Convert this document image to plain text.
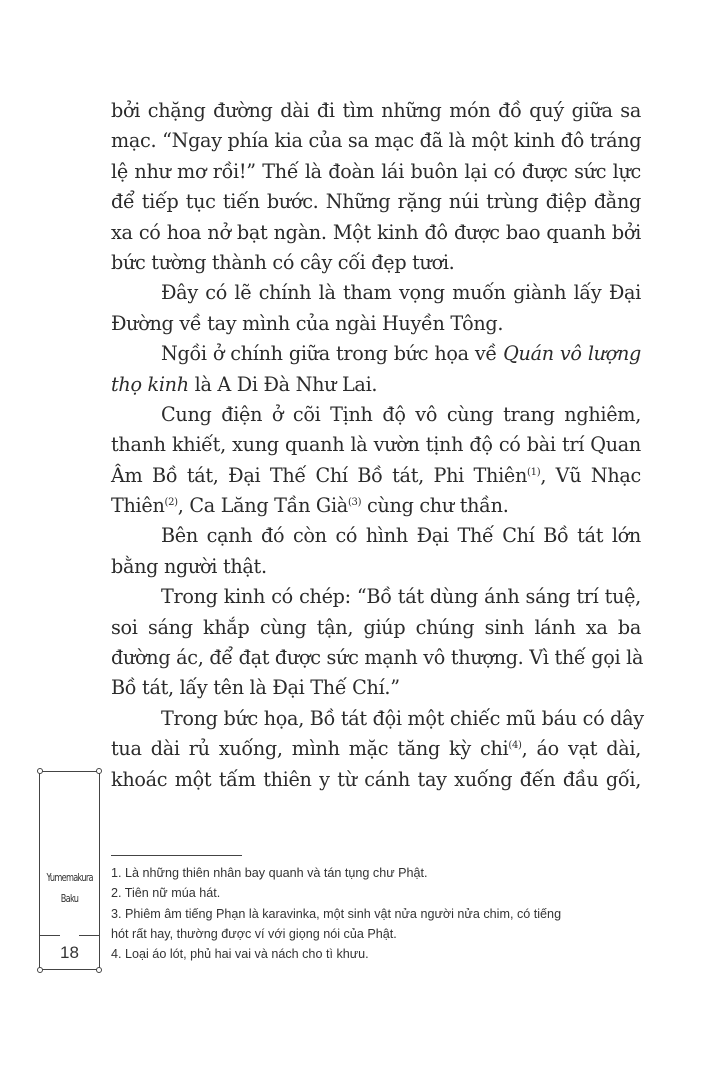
bởi chặng đường dài đi tìm những món đồ quý giữa sa
mạc. “Ngay phía kia của sa mạc đã là một kinh đô tráng
lệ như mơ rồi!” Thế là đoàn lái buôn lại có được sức lực
để tiếp tục tiến bước. Những rặng núi trùng điệp đằng
xa có hoa nở bạt ngàn. Một kinh đô được bao quanh bởi
bức tường thành có cây cối đẹp tươi.
Đây có lẽ chính là tham vọng muốn giành lấy Đại
Đường về tay mình của ngài Huyền Tông.
Ngồi ở chính giữa trong bức họa về Quán vô lượng
thọ kinh là A Di Đà Như Lai.
Cung điện ở cõi Tịnh độ vô cùng trang nghiêm,
thanh khiết, xung quanh là vườn tịnh độ có bài trí Quan
Âm Bồ tát, Đại Thế Chí Bồ tát, Phi Thiên$^{(1)}$, Vũ Nhạc
Thiên$^{(2)}$, Ca Lăng Tần Già$^{(3)}$ cùng chư thần.
Bên cạnh đó còn có hình Đại Thế Chí Bồ tát lớn
bằng người thật.
Trong kinh có chép: “Bồ tát dùng ánh sáng trí tuệ,
soi sáng khắp cùng tận, giúp chúng sinh lánh xa ba
đường ác, để đạt được sức mạnh vô thượng. Vì thế gọi là
Bồ tát, lấy tên là Đại Thế Chí.”
Trong bức họa, Bồ tát đội một chiếc mũ báu có dây
tua dài rủ xuống, mình mặc tăng kỳ chi$^{(4)}$, áo vạt dài,
khoác một tấm thiên y từ cánh tay xuống đến đầu gối,
1. Là những thiên nhân bay quanh và tán tụng chư Phật.
2. Tiên nữ múa hát.
3. Phiêm âm tiếng Phạn là karavinka, một sinh vật nửa người nửa chim, có tiếng
hót rất hay, thường được ví với giọng nói của Phật.
4. Loại áo lót, phủ hai vai và nách cho tì khưu.
Yumemakura
Baku
18
